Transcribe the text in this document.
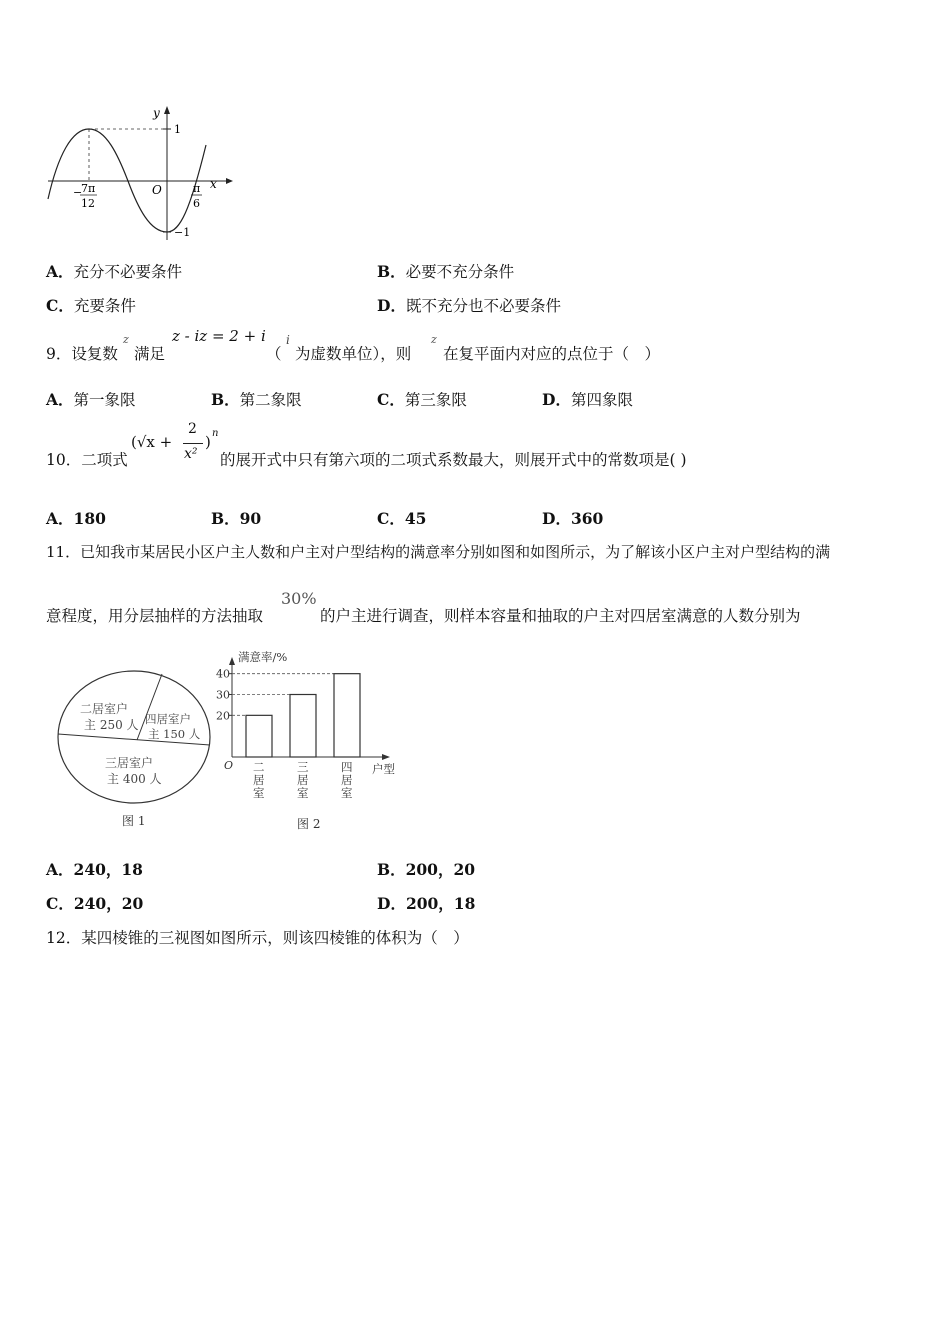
y
x
O
1
−1
−
7π
12
π
6
A．充分不必要条件	B．必要不充分条件
C．充要条件	D．既不充分也不必要条件
9．设复数
z
满足
z - iz = 2 + i
（
i
为虚数单位），则
z
在复平面内对应的点位于（　）
A．第一象限	B．第二象限	C．第三象限	D．第四象限
10．二项式
(√x +
2
x²
) n
的展开式中只有第六项的二项式系数最大，则展开式中的常数项是( )
A．180	B．90	C．45	D．360
11．已知我市某居民小区户主人数和户主对户型结构的满意率分别如图和如图所示，为了解该小区户主对户型结构的满
意程度，用分层抽样的方法抽取
30%
的户主进行调查，则样本容量和抽取的户主对四居室满意的人数分别为
二居室户
主 250 人 四居室户
主 150 人
三居室户
主 400 人
图 1
满意率/%
户型
O
20
30
40
二
居
室
三
居
室
四
居
室
图 2
A．240，18	B．200，20
C．240，20	D．200，18
12．某四棱锥的三视图如图所示，则该四棱锥的体积为（　）
